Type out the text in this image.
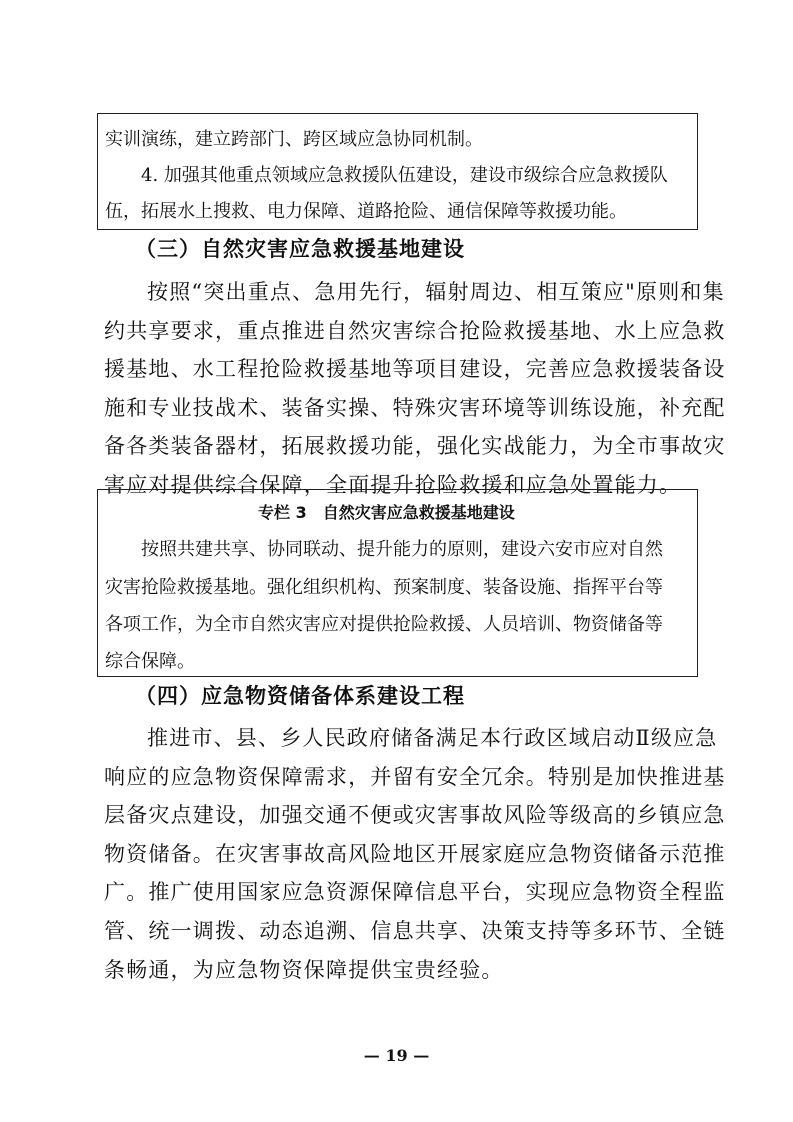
实训演练，建立跨部门、跨区域应急协同机制。
4. 加强其他重点领域应急救援队伍建设，建设市级综合应急救援队
伍，拓展水上搜救、电力保障、道路抢险、通信保障等救援功能。
（三）自然灾害应急救援基地建设
按照“突出重点、急用先行，辐射周边、相互策应"原则和集
约共享要求，重点推进自然灾害综合抢险救援基地、水上应急救
援基地、水工程抢险救援基地等项目建设，完善应急救援装备设
施和专业技战术、装备实操、特殊灾害环境等训练设施，补充配
备各类装备器材，拓展救援功能，强化实战能力，为全市事故灾
害应对提供综合保障，全面提升抢险救援和应急处置能力。
专栏 3　自然灾害应急救援基地建设
按照共建共享、协同联动、提升能力的原则，建设六安市应对自然
灾害抢险救援基地。强化组织机构、预案制度、装备设施、指挥平台等
各项工作，为全市自然灾害应对提供抢险救援、人员培训、物资储备等
综合保障。
（四）应急物资储备体系建设工程
推进市、县、乡人民政府储备满足本行政区域启动Ⅱ级应急
响应的应急物资保障需求，并留有安全冗余。特别是加快推进基
层备灾点建设，加强交通不便或灾害事故风险等级高的乡镇应急
物资储备。在灾害事故高风险地区开展家庭应急物资储备示范推
广。推广使用国家应急资源保障信息平台，实现应急物资全程监
管、统一调拨、动态追溯、信息共享、决策支持等多环节、全链
条畅通，为应急物资保障提供宝贵经验。
— 19 —
